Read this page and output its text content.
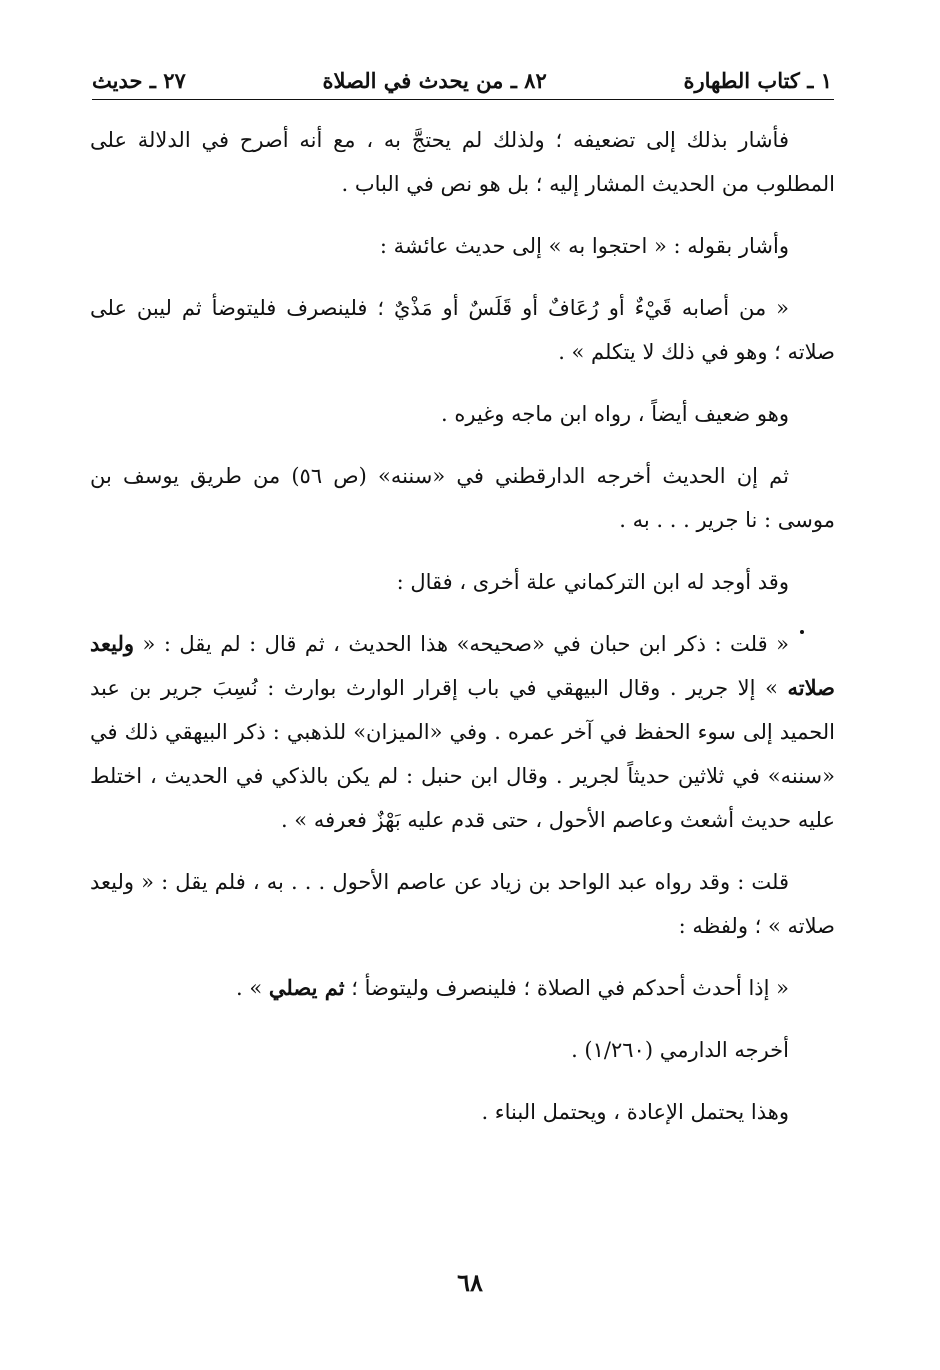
١ ـ كتاب الطهارة
٨٢ ـ من يحدث في الصلاة
٢٧ ـ حديث

فأشار بذلك إلى تضعيفه ؛ ولذلك لم يحتجَّ به ، مع أنه أصرح في الدلالة على المطلوب من الحديث المشار إليه ؛ بل هو نص في الباب .

وأشار بقوله : « احتجوا به » إلى حديث عائشة :

« من أصابه قَيْءٌ أو رُعَافٌ أو قَلَسٌ أو مَذْيٌ ؛ فلينصرف فليتوضأ ثم ليبن على صلاته ؛ وهو في ذلك لا يتكلم » .

وهو ضعيف أيضاً ، رواه ابن ماجه وغيره .

ثم إن الحديث أخرجه الدارقطني في «سننه» (ص ٥٦) من طريق يوسف بن موسى : نا جرير . . . به .

وقد أوجد له ابن التركماني علة أخرى ، فقال :

« قلت : ذكر ابن حبان في «صحيحه» هذا الحديث ، ثم قال : لم يقل : « وليعد صلاته » إلا جرير . وقال البيهقي في باب إقرار الوارث بوارث : نُسِبَ جرير بن عبد الحميد إلى سوء الحفظ في آخر عمره . وفي «الميزان» للذهبي : ذكر البيهقي ذلك في «سننه» في ثلاثين حديثاً لجرير . وقال ابن حنبل : لم يكن بالذكي في الحديث ، اختلط عليه حديث أشعث وعاصم الأحول ، حتى قدم عليه بَهْزٌ فعرفه » .

قلت : وقد رواه عبد الواحد بن زياد عن عاصم الأحول . . . به ، فلم يقل : « وليعد صلاته » ؛ ولفظه :

« إذا أحدث أحدكم في الصلاة ؛ فلينصرف وليتوضأ ؛ ثم يصلي » .

أخرجه الدارمي (١/٢٦٠) .

وهذا يحتمل الإعادة ، ويحتمل البناء .

٦٨
